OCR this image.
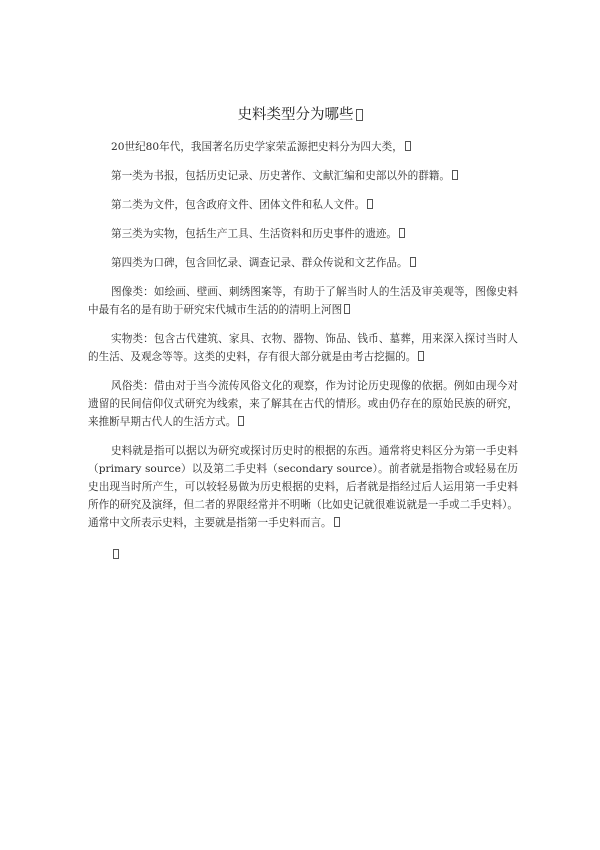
史料类型分为哪些

20世纪80年代，我国著名历史学家荣孟源把史料分为四大类，

第一类为书报，包括历史记录、历史著作、文献汇编和史部以外的群籍。

第二类为文件，包含政府文件、团体文件和私人文件。

第三类为实物，包括生产工具、生活资料和历史事件的遗迹。

第四类为口碑，包含回忆录、调查记录、群众传说和文艺作品。

图像类：如绘画、壁画、刺绣图案等，有助于了解当时人的生活及审美观等，图像史料中最有名的是有助于研究宋代城市生活的的清明上河图

实物类：包含古代建筑、家具、衣物、器物、饰品、钱币、墓葬，用来深入探讨当时人的生活、及观念等等。这类的史料，存有很大部分就是由考古挖掘的。

风俗类：借由对于当今流传风俗文化的观察，作为讨论历史现像的依据。例如由现今对遗留的民间信仰仪式研究为线索，来了解其在古代的情形。或由仍存在的原始民族的研究，来推断早期古代人的生活方式。

史料就是指可以据以为研究或探讨历史时的根据的东西。通常将史料区分为第一手史料（primary source）以及第二手史料（secondary source）。前者就是指物合或轻易在历史出现当时所产生，可以较轻易做为历史根据的史料，后者就是指经过后人运用第一手史料所作的研究及演绎，但二者的界限经常并不明晰（比如史记就很难说就是一手或二手史料）。通常中文所表示史料，主要就是指第一手史料而言。
